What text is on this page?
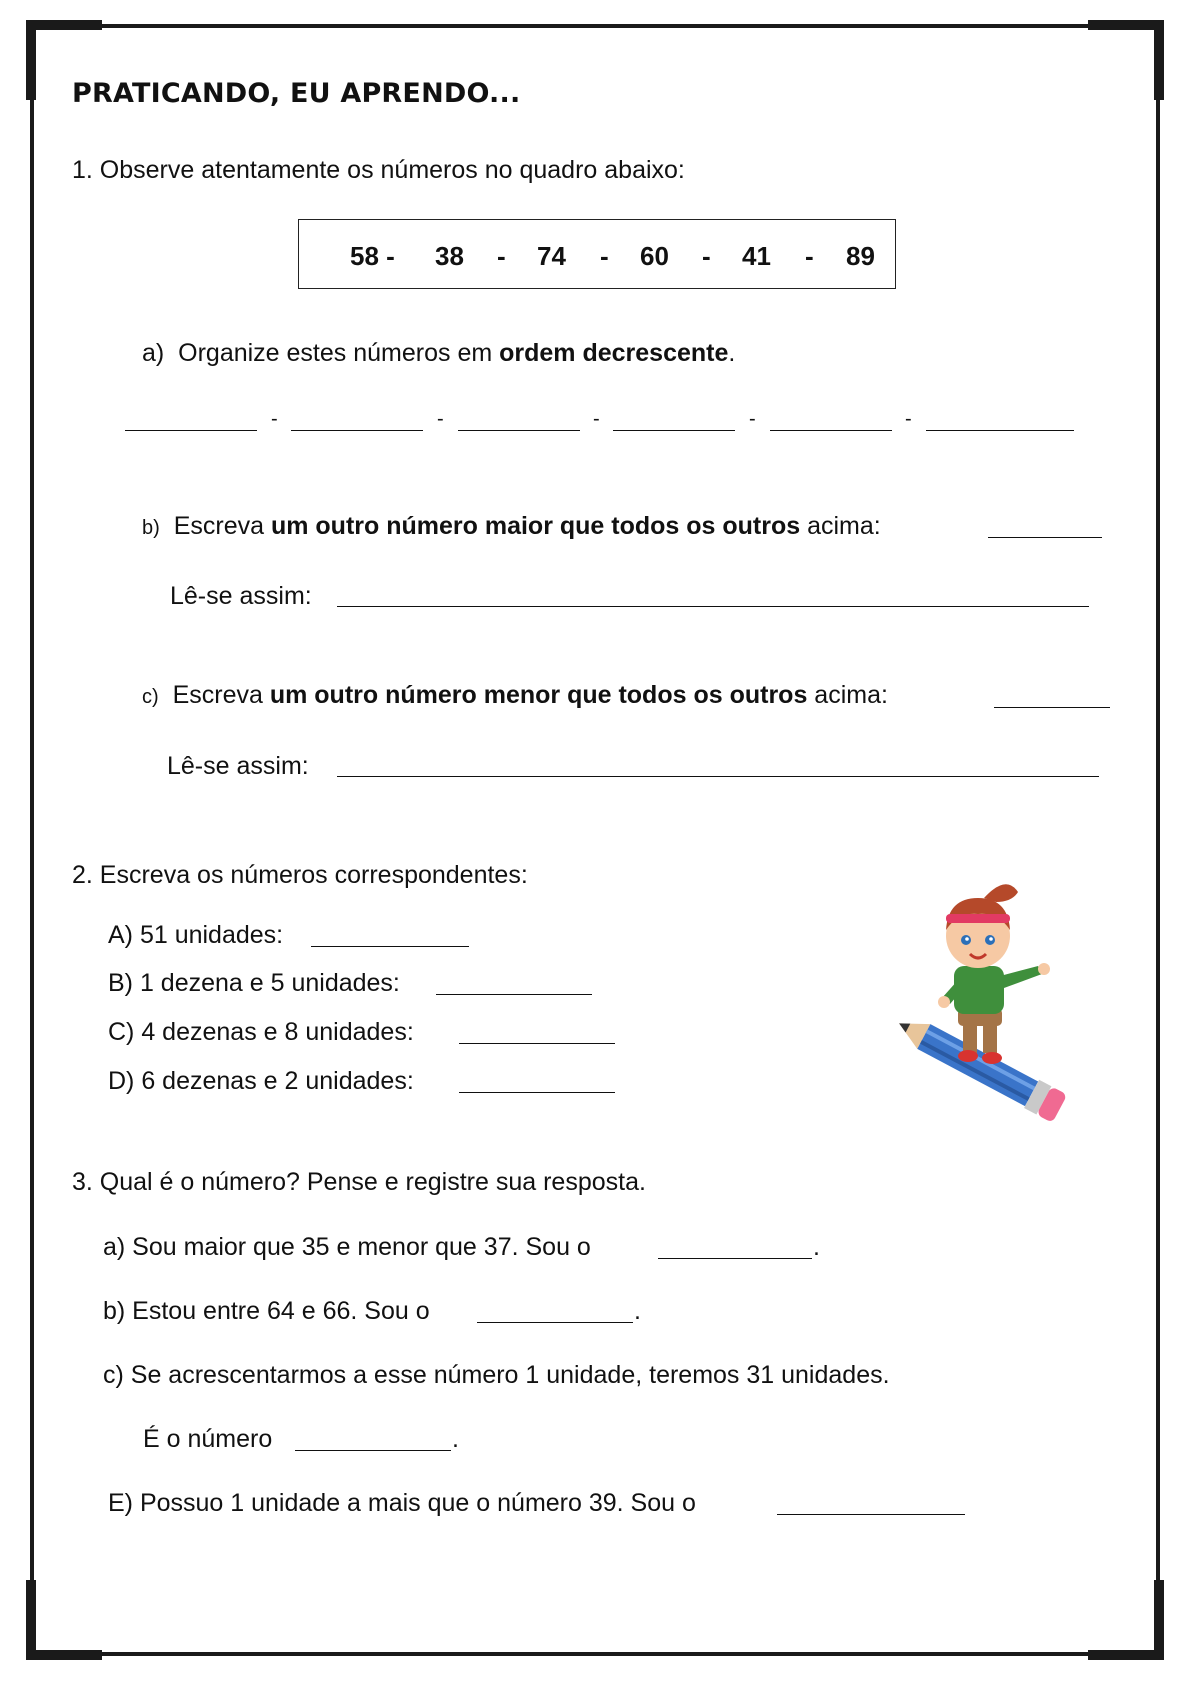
PRATICANDO, EU APRENDO...
1. Observe atentamente os números no quadro abaixo:
58 - 38 - 74 - 60 - 41 - 89
a) Organize estes números em ordem decrescente.
-	-	-	-	-
b) Escreva um outro número maior que todos os outros acima:
Lê-se assim:
c) Escreva um outro número menor que todos os outros acima:
Lê-se assim:
2. Escreva os números correspondentes:
A) 51 unidades:
B) 1 dezena e 5 unidades:
C) 4 dezenas e 8 unidades:
D) 6 dezenas e 2 unidades:
3. Qual é o número? Pense e registre sua resposta.
a) Sou maior que 35 e menor que 37. Sou o	.
b) Estou entre 64 e 66. Sou o	.
c) Se acrescentarmos a esse número 1 unidade, teremos 31 unidades.
É o número	.
E) Possuo 1 unidade a mais que o número 39. Sou o
